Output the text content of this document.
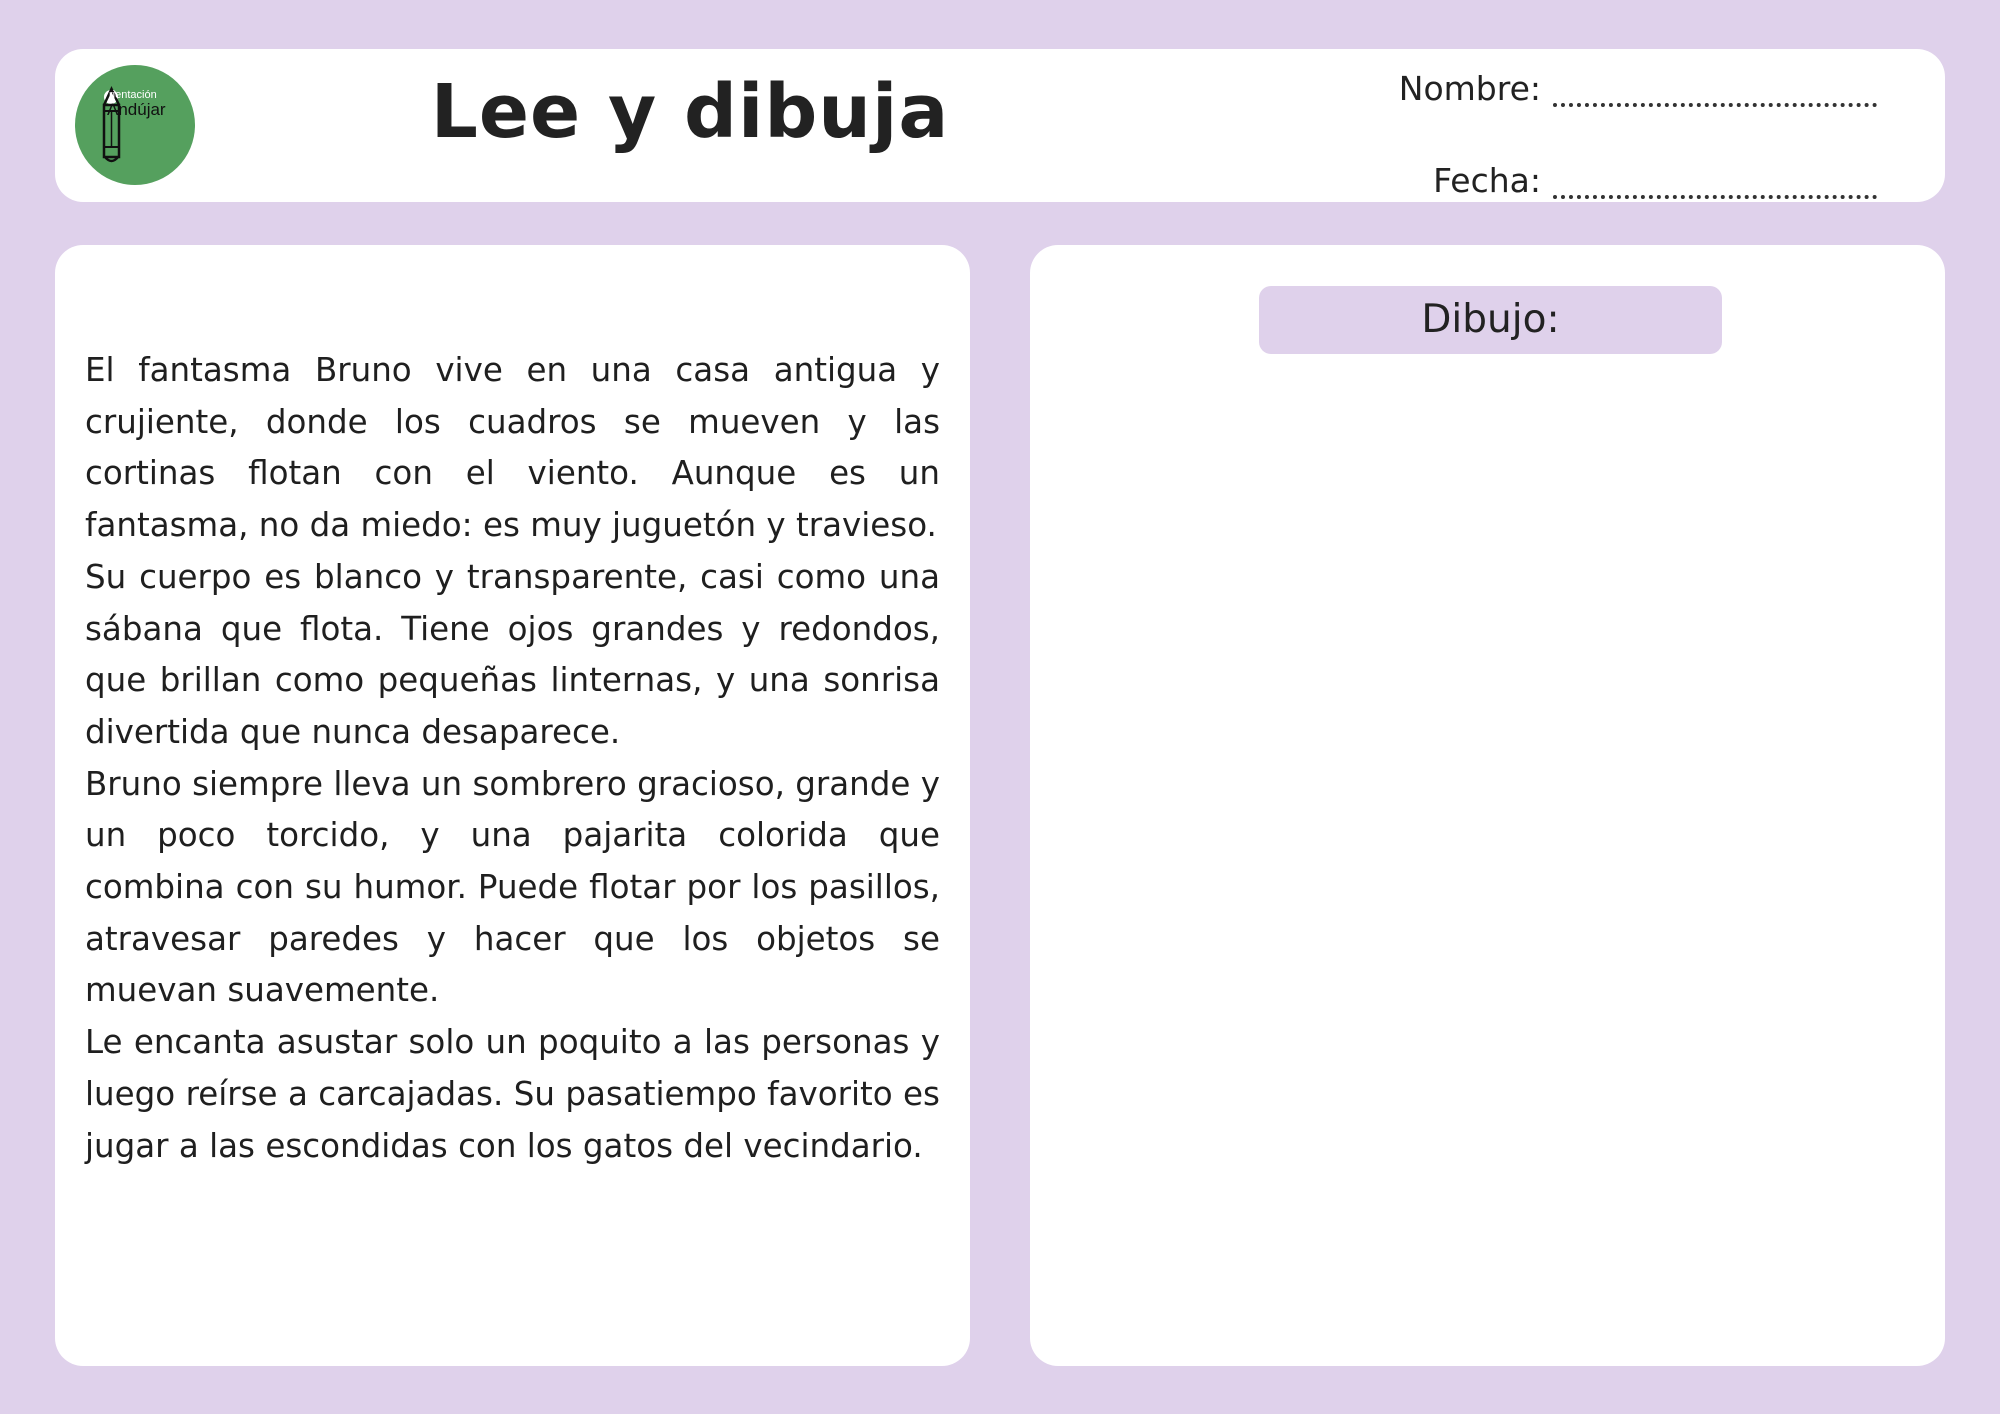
rientación
Andújar	Lee y dibuja	Nombre:
Fecha:

El fantasma Bruno vive en una casa antigua y crujiente, donde los cuadros se mueven y las cortinas flotan con el viento. Aunque es un fantasma, no da miedo: es muy juguetón y travieso.

Su cuerpo es blanco y transparente, casi como una sábana que flota. Tiene ojos grandes y redondos, que brillan como pequeñas linternas, y una sonrisa divertida que nunca desaparece.

Bruno siempre lleva un sombrero gracioso, grande y un poco torcido, y una pajarita colorida que combina con su humor. Puede flotar por los pasillos, atravesar paredes y hacer que los objetos se muevan suavemente.

Le encanta asustar solo un poquito a las personas y luego reírse a carcajadas. Su pasatiempo favorito es jugar a las escondidas con los gatos del vecindario.

Dibujo:
